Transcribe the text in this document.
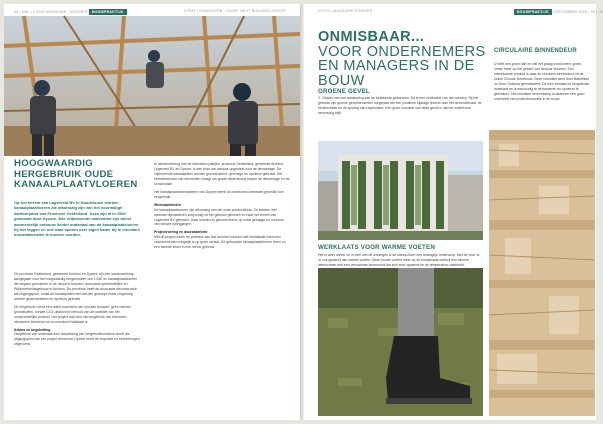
98 | DBL | DITUS MAGAZINE · DOSSIER BOUWPRAKTIJK	DITUS | EINDHOVEN · DOOR: NEXT BUILDING GROUP
HOOGWAARDIG HERGEBRUIK OUDE KANAALPLAATVLOEREN
Op het terrein van Lagerveld BV in Noordbroek worden kanaalplaatvloeren die afkomstig zijn van het voormalige kantoorpand van Provincie Gelderland. Deze zijn al in 1982 gebouwd door Dycore. Alle vrijkomende materialen zijn direct aanmerkelijk ombouw lichter materiaal van de kanaalplaatvloeren bij het leggen en ook naar sporen over eigen kader bij te circulaire bouwmaterialen te kunnen worden.

De provincie Gelderland, gemeente Arnhem en Dycore zijn een samenwerking aangegaan voor het hoogwaardig hergebruiken van 1.050 m² kanaalplaatvloeren die begane grondvloer in de nieuw te bouwen, duurzame gemeentelijke en Rijksoverheidsgebouw in Arnhem. De provincie heeft de duurzame deconstructie als uitgangspunt, zodat de kanaalplaten niet worden gesloopt maar zorgvuldig worden gedemonteerd en opnieuw gebruikt.

Dit hergebruik vormt een uniek voorbeeld van circulair bouwen: geen nieuwe grondstoffen, minder CO2-uitstoot en behoud van de kwaliteit van het oorspronkelijke product. Het project laat zien dat hergebruik van betonnen elementen technisch en economisch haalbaar is.

Advies en begeleiding

Hergebruik van materiaal door toepassing van hergebruikvoorkeur wordt als uitgangspunt van het project benoemd. Dycore heeft de inspectie en berekeningen uitgevoerd.

In samenwerking met de betrokken partijen, provincie Gelderland, gemeente Arnhem, Lagerveld BV en Dycore, is een plan van aanpak opgesteld voor de demontage. De vrijkomende kanaalplaten worden gecontroleerd, gereinigd en opnieuw gebruikt. Het herbestemmen van elementen vraagt om goede afstemming tussen de demontage en de bouwlocatie.

Het kanaalplaatvloersysteem van Dycore bleek na onderzoek uitermate geschikt voor hergebruik.

Werkzaamheden

De kanaalplaatvloeren zijn afkomstig van het oude provinciehuis. Ze worden met speciale hijsmiddelen zorgvuldig uit het gebouw gehesen en naar het terrein van Lagerveld BV gebracht. Daar worden zij gecontroleerd, op maat gezaagd en voorzien van nieuwe opleggingen.

Projectvoering en duurzaamheid

Met dit project tonen de partners aan dat circulair bouwen met bestaande betonnen vloerelementen mogelijk is op grote schaal. De gebouwde kanaalplaatvloeren leven zo een tweede leven in een nieuw gebouw.

DITUS | MAGAZINE DOSSIER	BOUWPRAKTIJK | DECEMBER 2023 | 99 | 40
ONMISBAAR...
VOOR ONDERNEMERS EN MANAGERS IN DE BOUW
GROENE GEVEL

Z. Citadel met een aansluiting aan de bestaande gebouwen. Dit is een onderdeel van het ontwerp. Bij het gebouw zijn groene gevelelementen toegepast die een positieve bijdrage leveren aan het binnenklimaat, de biodiversiteit en de opvang van regenwater. Een groot voordeel van deze gevel is dat het onderhoud eenvoudig blijft.

CIRCULAIRE BINNENDEUR

U hebt een groot hart en wilt het graag voorkomen: groen, onder meer op het gebied van circulair bouwen. Een interessante product is daar de circulaire binnendeur uit de Dutch Circular Deurbouw. Deze innovatie werd door Bathelkes en Deur Ontwerp gerealiseerd. De deur bestaat uit hergebruikt materiaal en is eenvoudig te demonteren en opnieuw te gebruiken. Het circulaire deurontwerp is daarmee een goed voorbeeld van productinnovatie in de bouw.

WERKLAATS VOOR WARME VOETEN

Het is weer winter en in veel van de woningen is de werkschoen een belangrijk onderwerp. Met de vloer is er ook gedacht aan warme voeten. Geen koude voeten meer op de bouwplaats dankzij een slimme werkschoen met een verwarmde binnenzool die zich snel opwarmt en de temperatuur vasthoudt.
